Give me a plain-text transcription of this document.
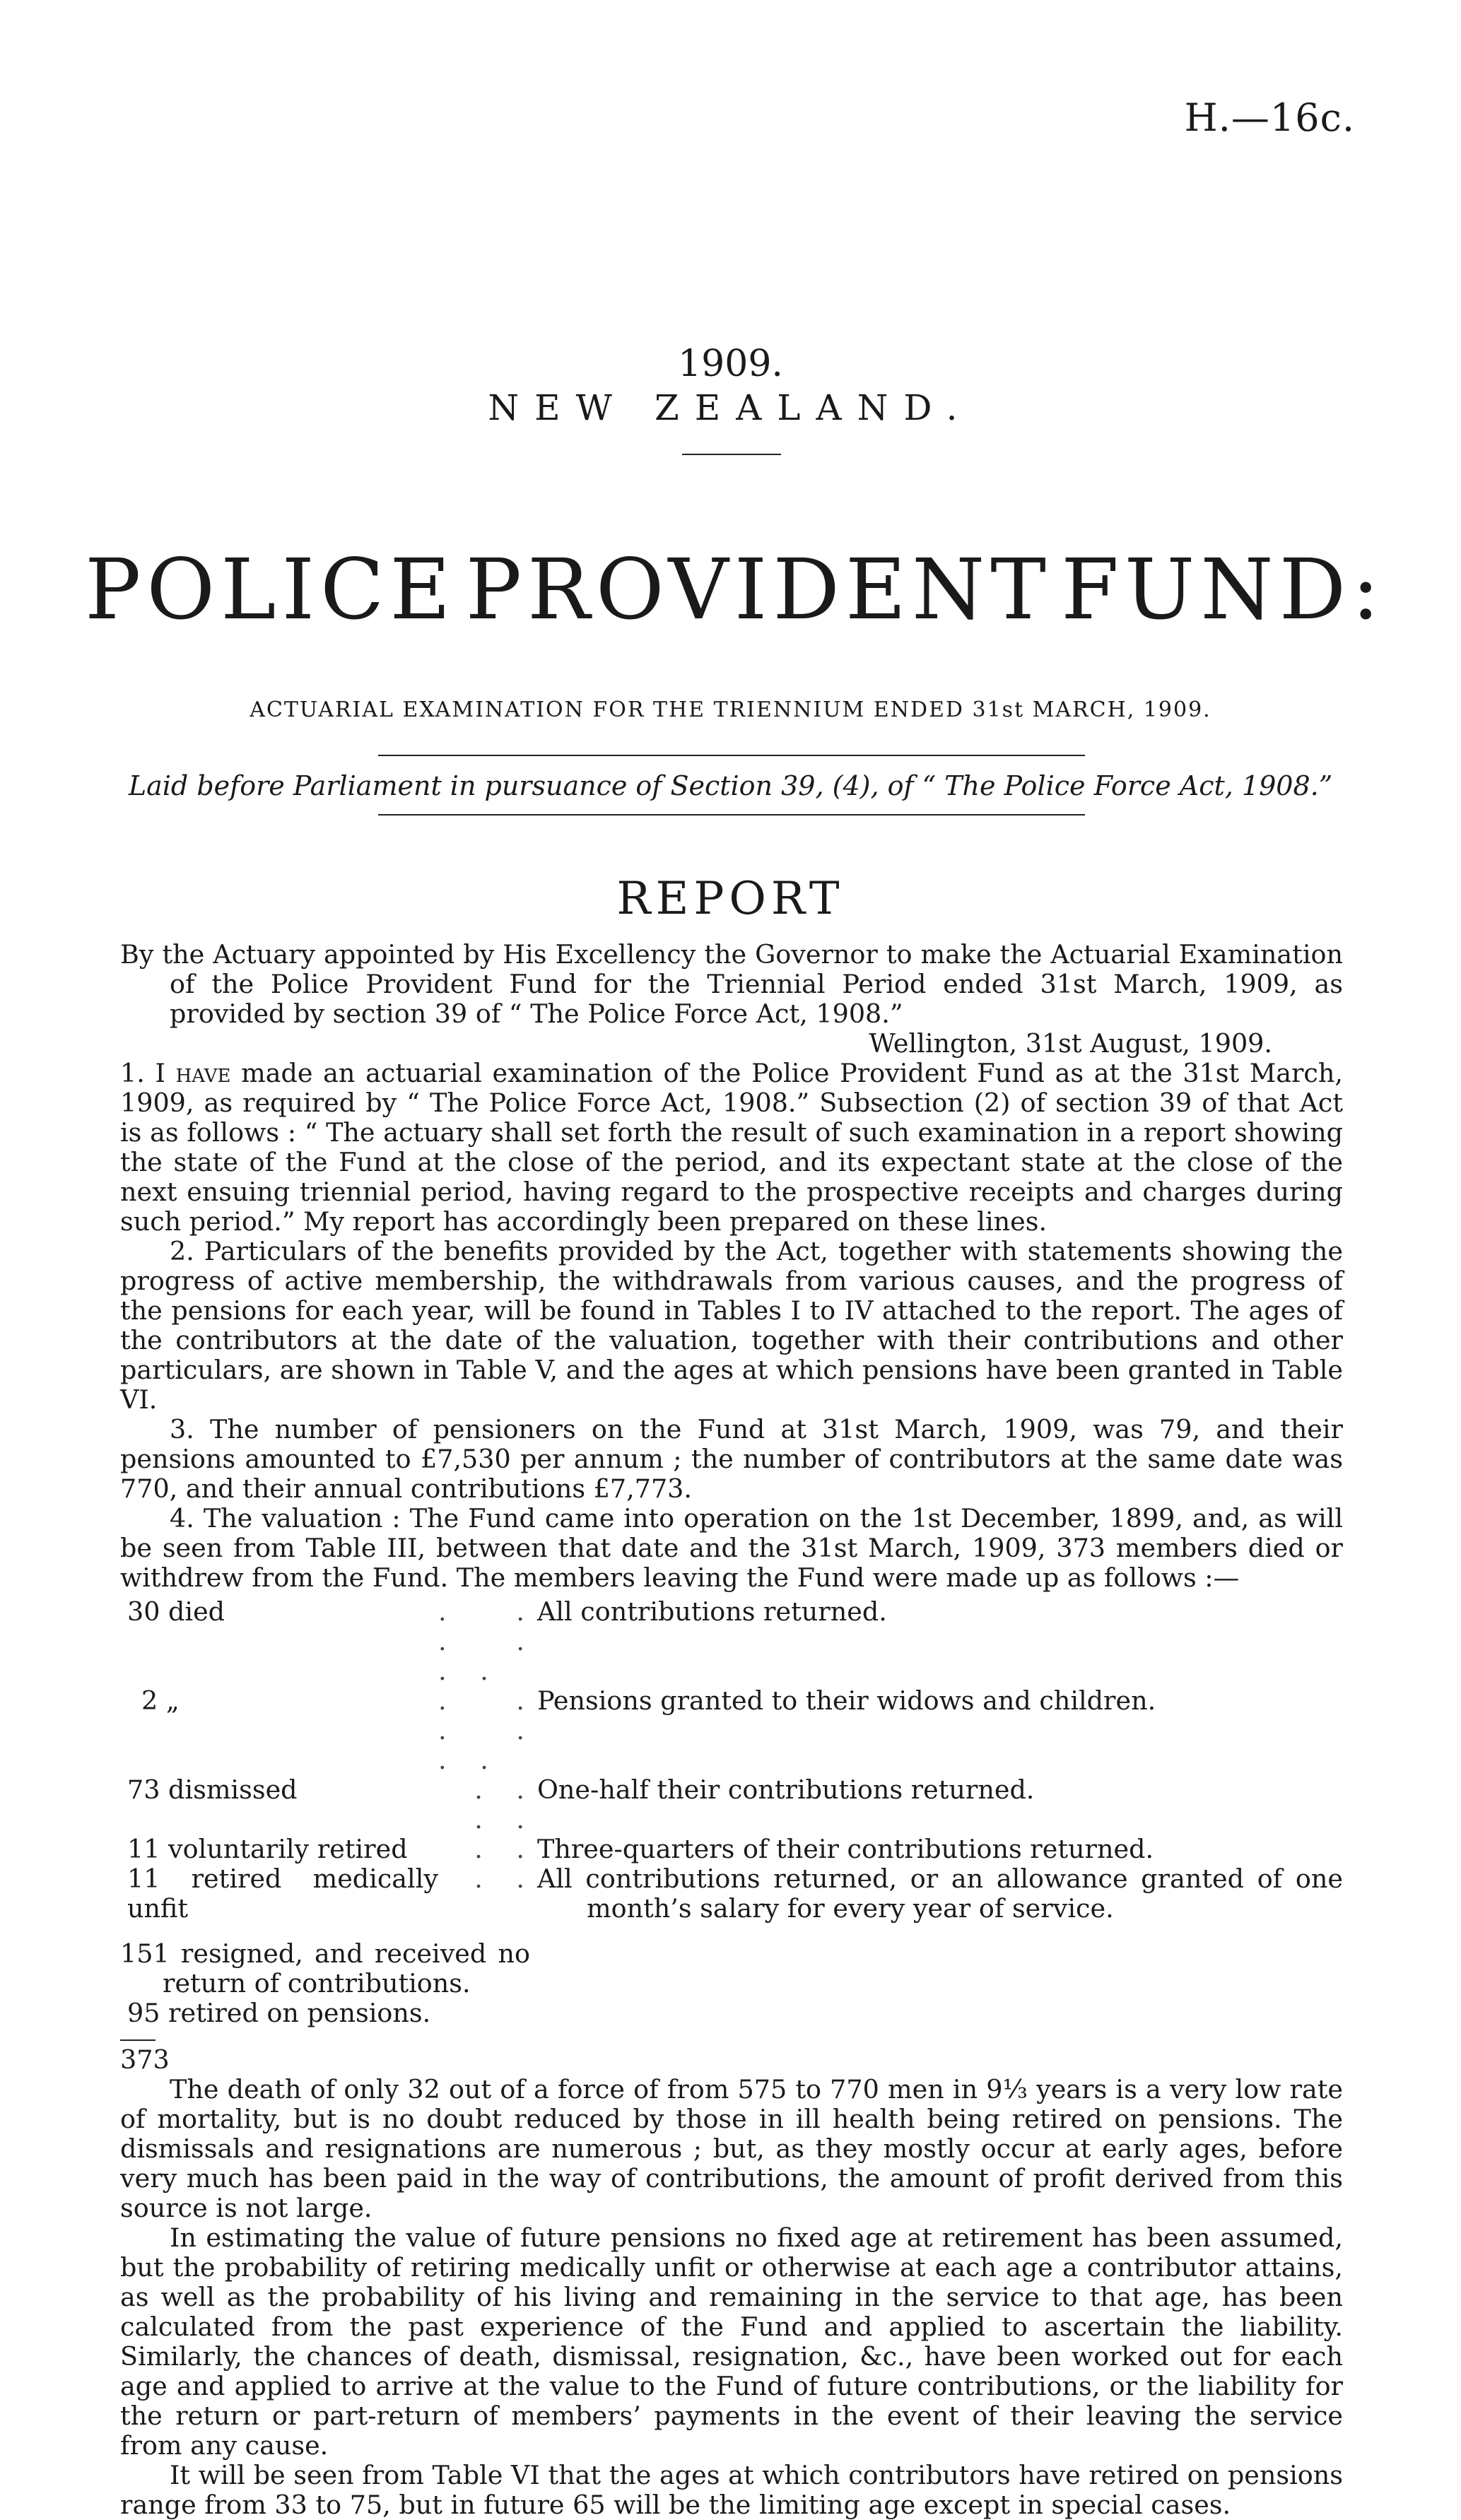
H.—16c.
1909.
NEW ZEALAND.
POLICE PROVIDENT FUND:
ACTUARIAL EXAMINATION FOR THE TRIENNIUM ENDED 31st MARCH, 1909.
Laid before Parliament in pursuance of Section 39, (4), of “ The Police Force Act, 1908.”
REPORT

By the Actuary appointed by His Excellency the Governor to make the Actuarial Examination of the Police Provident Fund for the Triennial Period ended 31st March, 1909, as provided by section 39 of “ The Police Force Act, 1908.”

Wellington, 31st August, 1909.

1. I have made an actuarial examination of the Police Provident Fund as at the 31st March, 1909, as required by “ The Police Force Act, 1908.” Subsection (2) of section 39 of that Act is as follows : “ The actuary shall set forth the result of such examination in a report showing the state of the Fund at the close of the period, and its expectant state at the close of the next ensuing triennial period, having regard to the prospective receipts and charges during such period.” My report has accordingly been prepared on these lines.

2. Particulars of the benefits provided by the Act, together with statements showing the progress of active membership, the withdrawals from various causes, and the progress of the pensions for each year, will be found in Tables I to IV attached to the report. The ages of the contributors at the date of the valuation, together with their contributions and other particulars, are shown in Table V, and the ages at which pensions have been granted in Table VI.

3. The number of pensioners on the Fund at 31st March, 1909, was 79, and their pensions amounted to £7,530 per annum ; the number of contributors at the same date was 770, and their annual contributions £7,773.

4. The valuation : The Fund came into operation on the 1st December, 1899, and, as will be seen from Table III, between that date and the 31st March, 1909, 373 members died or withdrew from the Fund. The members leaving the Fund were made up as follows :—

30 died	. . . . . .	All contributions returned.
2 „	. . . . . .	Pensions granted to their widows and children.
73 dismissed	. . . .	One-half their contributions returned.
11 voluntarily retired	. .	Three-quarters of their contributions returned.
11 retired medically unfit	. .	All contributions returned, or an allowance granted of one month’s salary for every year of service.

151 resigned, and received no return of contributions.

95 retired on pensions.

373

The death of only 32 out of a force of from 575 to 770 men in 9⅓ years is a very low rate of mortality, but is no doubt reduced by those in ill health being retired on pensions. The dismissals and resignations are numerous ; but, as they mostly occur at early ages, before very much has been paid in the way of contributions, the amount of profit derived from this source is not large.

In estimating the value of future pensions no fixed age at retirement has been assumed, but the probability of retiring medically unfit or otherwise at each age a contributor attains, as well as the probability of his living and remaining in the service to that age, has been calculated from the past experience of the Fund and applied to ascertain the liability. Similarly, the chances of death, dismissal, resignation, &c., have been worked out for each age and applied to arrive at the value to the Fund of future contributions, or the liability for the return or part-return of members’ payments in the event of their leaving the service from any cause.

It will be seen from Table VI that the ages at which contributors have retired on pensions range from 33 to 75, but in future 65 will be the limiting age except in special cases.
